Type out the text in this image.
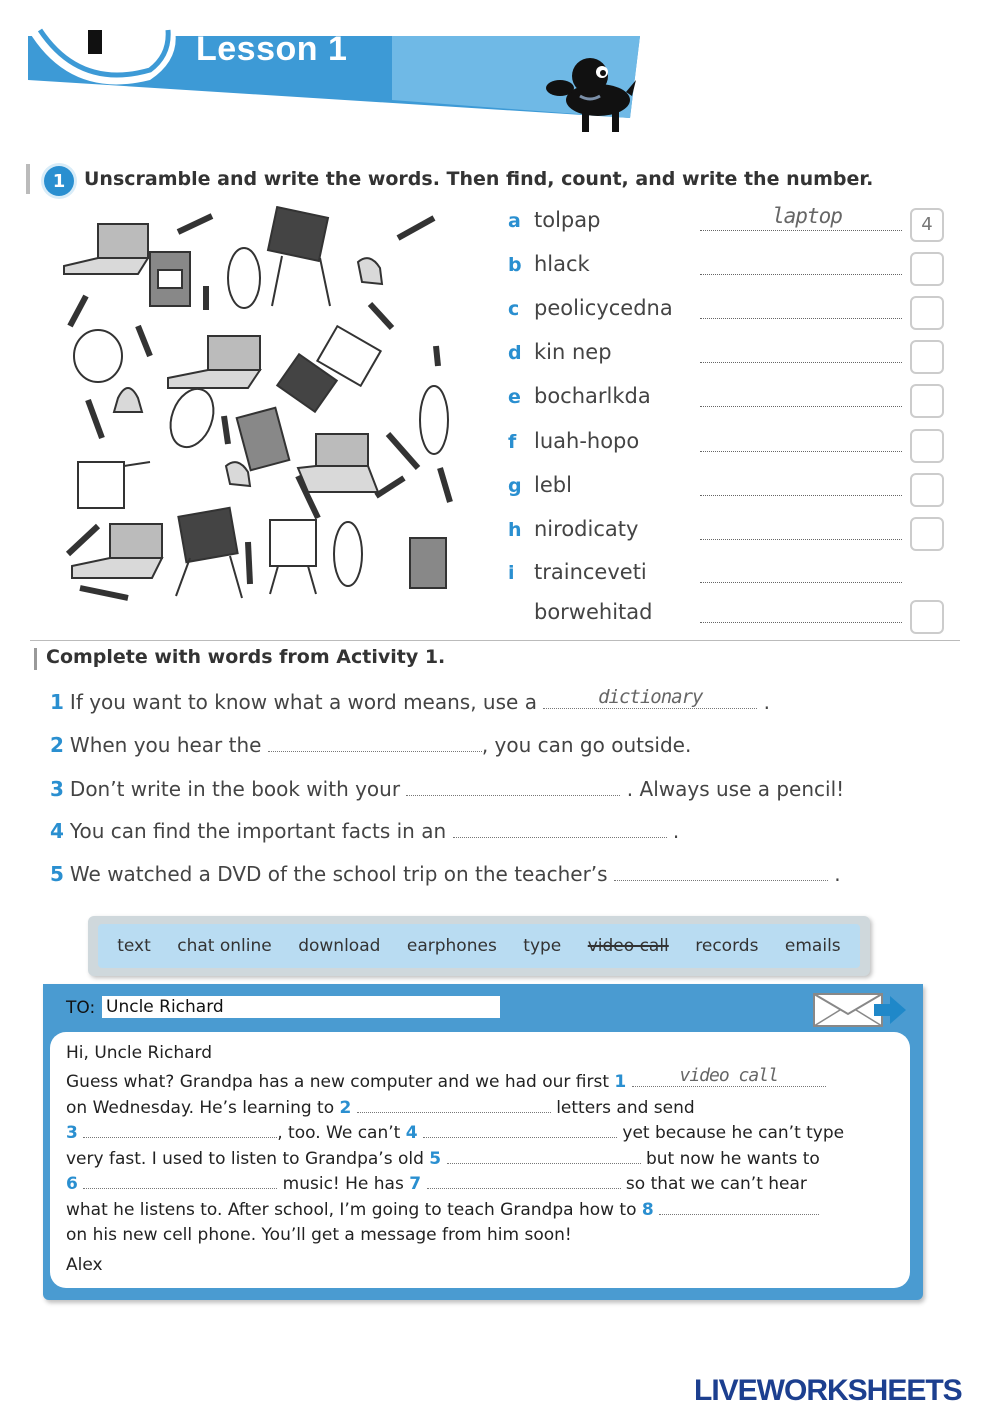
Lesson 1
1 Unscramble and write the words. Then find, count, and write the number.
a tolpap	laptop	4
b hlack
c peolicycedna
d kin nep
e bocharlkda
f luah-hopo
g lebl
h nirodicaty
i trainceveti
borwehitad
Complete with words from Activity 1.
1 If you want to know what a word means, use a	dictionary	.
2 When you hear the	, you can go outside.
3 Don’t write in the book with your	. Always use a pencil!
4 You can find the important facts in an	.
5 We watched a DVD of the school trip on the teacher’s	.
text chat online download earphones type video call records emails
TO: Uncle Richard
Hi, Uncle Richard
Guess what? Grandpa has a new computer and we had our first 1	video call
on Wednesday. He’s learning to 2	letters and send
3	, too. We can’t 4	yet because he can’t type
very fast. I used to listen to Grandpa’s old 5	but now he wants to
6	music! He has 7	so that we can’t hear
what he listens to. After school, I’m going to teach Grandpa how to 8
on his new cell phone. You’ll get a message from him soon!
Alex
LIVEWORKSHEETS
